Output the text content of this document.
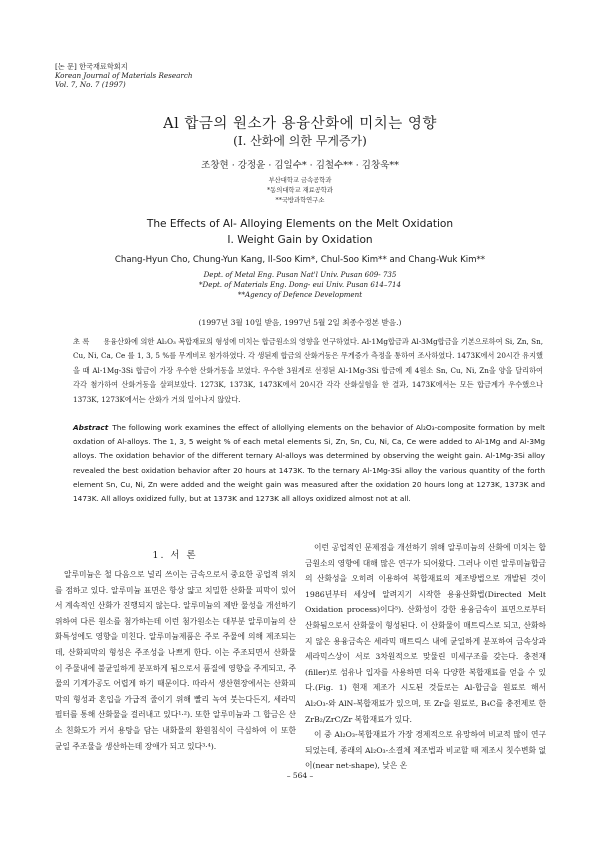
[논 문] 한국재료학회지
Korean Journal of Materials Research
Vol. 7, No. 7 (1997)
Al 합금의 원소가 용융산화에 미치는 영향
(I. 산화에 의한 무게증가)
조창현 · 강정윤 · 김일수* · 김철수** · 김창욱**
부산대학교 금속공학과
*동의대학교 재료공학과
**국방과학연구소
The Effects of Al- Alloying Elements on the Melt Oxidation
I. Weight Gain by Oxidation
Chang-Hyun Cho, Chung-Yun Kang, Il-Soo Kim*, Chul-Soo Kim** and Chang-Wuk Kim**
Dept. of Metal Eng. Pusan Nat'l Univ. Pusan 609- 735
*Dept. of Materials Eng. Dong- eui Univ. Pusan 614–714
**Agency of Defence Development
(1997년 3월 10일 받음, 1997년 5월 2일 최종수정본 받음.)
초 록 용융산화에 의한 Al₂O₃ 복합재료의 형성에 미치는 합금원소의 영향을 연구하였다. Al-1Mg합금과 Al-3Mg합금을 기본으로하여 Si, Zn, Sn, Cu, Ni, Ca, Ce 를 1, 3, 5 %를 무게비로 첨가하였다. 각 생된제 합금의 산화거동은 무게증가 측정을 통하여 조사하였다. 1473K에서 20시간 유지했을 때 Al-1Mg-3Si 합금이 가장 우수한 산화거동을 보였다. 우수한 3원계로 선정된 Al-1Mg-3Si 합금에 제 4원소 Sn, Cu, Ni, Zn을 양을 달리하여 각각 첨가하여 산화거동을 살펴보았다. 1273K, 1373K, 1473K에서 20시간 각각 산화실험을 한 결과, 1473K에서는 모든 합금계가 우수했으나 1373K, 1273K에서는 산화가 거의 일어나지 않았다.
Abstract The following work examines the effect of allollying elements on the behavior of Al₂O₃-composite formation by melt oxdation of Al-alloys. The 1, 3, 5 weight % of each metal elements Si, Zn, Sn, Cu, Ni, Ca, Ce were added to Al-1Mg and Al-3Mg alloys. The oxidation behavior of the different ternary Al-alloys was determined by observing the weight gain. Al-1Mg-3Si alloy revealed the best oxidation behavior after 20 hours at 1473K. To the ternary Al-1Mg-3Si alloy the various quantity of the forth element Sn, Cu, Ni, Zn were added and the weight gain was measured after the oxidation 20 hours long at 1273K, 1373K and 1473K. All alloys oxidized fully, but at 1373K and 1273K all alloys oxidized almost not at all.
1. 서 론

알루미늄은 철 다음으로 널리 쓰이는 금속으로서 중요한 공업적 위치를 점하고 있다. 알루미늄 표면은 항상 얇고 치밀한 산화물 피막이 있어서 계속적인 산화가 진행되지 않는다. 알루미늄의 제반 물성을 개선하기 위하여 다른 원소를 첨가하는데 이런 첨가원소는 대부분 알루미늄의 산화특성에도 영향을 미친다. 알루미늄제품은 주로 주물에 의해 제조되는데, 산화피막의 형성은 주조성을 나쁘게 한다. 이는 주조되면서 산화물이 주물내에 불균일하게 분포하게 됨으로서 품질에 영향을 주게되고, 주물의 기계가공도 어렵게 하기 때문이다. 따라서 생산현장에서는 산화피막의 형성과 혼입을 가급적 줄이기 위해 빨리 녹여 붓는다든지, 세라믹 필터를 통해 산화물을 걸러내고 있다¹·²). 또한 알루미늄과 그 합금은 산소 친화도가 커서 용탕을 담는 내화물의 환원침식이 극심하여 이 또한 균일 주조물을 생산하는데 장애가 되고 있다³·⁴).

이런 공업적인 문제점을 개선하기 위해 알루미늄의 산화에 미치는 합금원소의 영향에 대해 많은 연구가 되어왔다. 그러나 이런 알루미늄합금의 산화성을 오히려 이용하여 복합재료의 제조방법으로 개발된 것이 1986년부터 세상에 알려지기 시작한 용융산화법(Directed Melt Oxidation process)이다⁵). 산화성이 강한 용융금속이 표면으로부터 산화됨으로서 산화물이 형성된다. 이 산화물이 매트릭스로 되고, 산화하지 않은 용융금속은 세라믹 매트릭스 내에 균일하게 분포하여 금속상과 세라믹스상이 서로 3차원적으로 맞물린 미세구조를 갖는다. 충전재(filler)로 섬유나 입자를 사용하면 더욱 다양한 복합재료를 얻을 수 있다.(Fig. 1) 현재 제조가 시도된 것들로는 Al-합금을 원료로 해서 Al₂O₃-와 AlN-복합재료가 있으며, 또 Zr을 원료로, B₄C를 충전제로 한 ZrB₂/ZrC/Zr 복합재료가 있다.

이 중 Al₂O₃-복합재료가 가장 경제적으로 유망하여 비교적 많이 연구되었는데, 종래의 Al₂O₃-소결체 제조법과 비교할 때 제조시 칫수변화 없이(near net-shape), 낮은 온

– 564 –
